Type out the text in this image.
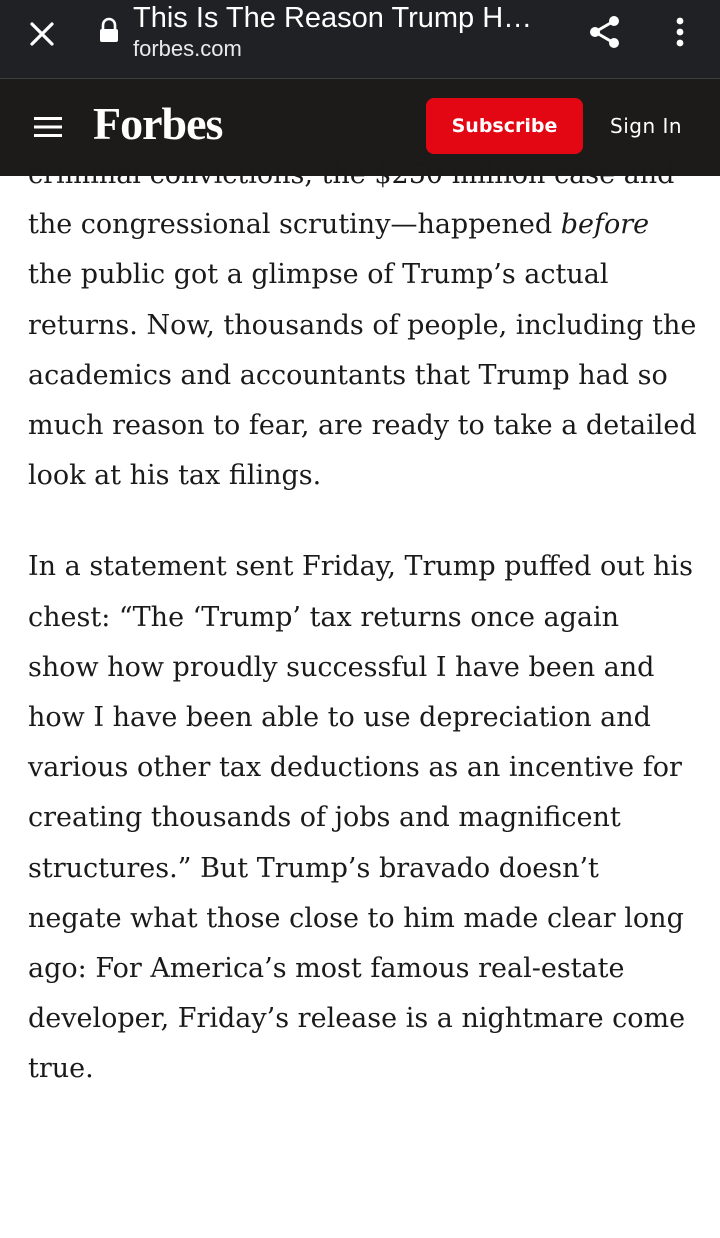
This Is The Reason Trump H…
forbes.com
Forbes	Subscribe	Sign In

criminal convictions, the $250 million case and the congressional scrutiny—happened before the public got a glimpse of Trump’s actual returns. Now, thousands of people, including the academics and accountants that Trump had so much reason to fear, are ready to take a detailed look at his tax filings.

In a statement sent Friday, Trump puffed out his chest: “The ‘Trump’ tax returns once again show how proudly successful I have been and how I have been able to use depreciation and various other tax deductions as an incentive for creating thousands of jobs and magnificent structures.” But Trump’s bravado doesn’t negate what those close to him made clear long ago: For America’s most famous real-estate developer, Friday’s release is a nightmare come true.
